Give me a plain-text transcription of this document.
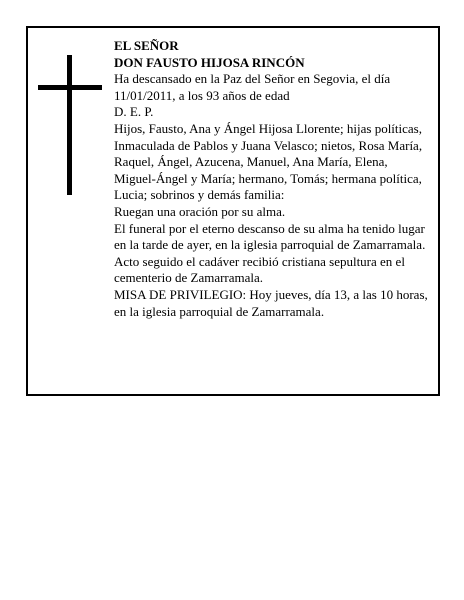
EL SEÑOR

DON FAUSTO HIJOSA RINCÓN

Ha descansado en la Paz del Señor en Segovia, el día 11/01/2011, a los 93 años de edad

D. E. P.

Hijos, Fausto, Ana y Ángel Hijosa Llorente; hijas políticas, Inmaculada de Pablos y Juana Velasco; nietos, Rosa María, Raquel, Ángel, Azucena, Manuel, Ana María, Elena, Miguel-Ángel y María; hermano, Tomás; hermana política, Lucia; sobrinos y demás familia:

Ruegan una oración por su alma.

El funeral por el eterno descanso de su alma ha tenido lugar en la tarde de ayer, en la iglesia parroquial de Zamarramala. Acto seguido el cadáver recibió cristiana sepultura en el cementerio de Zamarramala.

MISA DE PRIVILEGIO: Hoy jueves, día 13, a las 10 horas, en la iglesia parroquial de Zamarramala.
